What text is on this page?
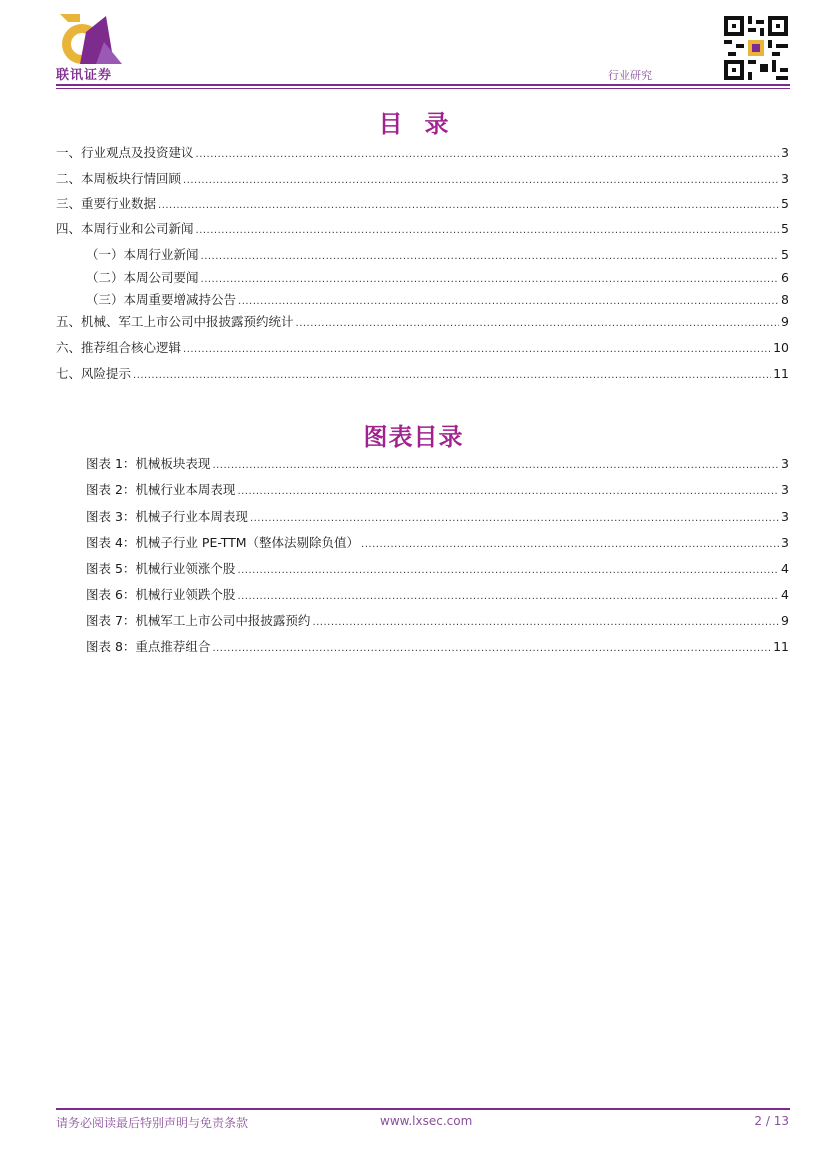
联讯证券	行业研究
目录
一、行业观点及投资建议 .....	3
二、本周板块行情回顾 .....	3
三、重要行业数据 .....	5
四、本周行业和公司新闻 .....	5
（一）本周行业新闻 .....	5
（二）本周公司要闻 .....	6
（三）本周重要增减持公告 .....	8
五、机械、军工上市公司中报披露预约统计 .....	9
六、推荐组合核心逻辑 .....	10
七、风险提示 .....	11
图表目录
图表 1：机械板块表现 .....	3
图表 2：机械行业本周表现 .....	3
图表 3：机械子行业本周表现 .....	3
图表 4：机械子行业 PE-TTM（整体法剔除负值） .....	3
图表 5：机械行业领涨个股 .....	4
图表 6：机械行业领跌个股 .....	4
图表 7：机械军工上市公司中报披露预约 .....	9
图表 8：重点推荐组合 .....	11
请务必阅读最后特别声明与免责条款	www.lxsec.com	2 / 13
